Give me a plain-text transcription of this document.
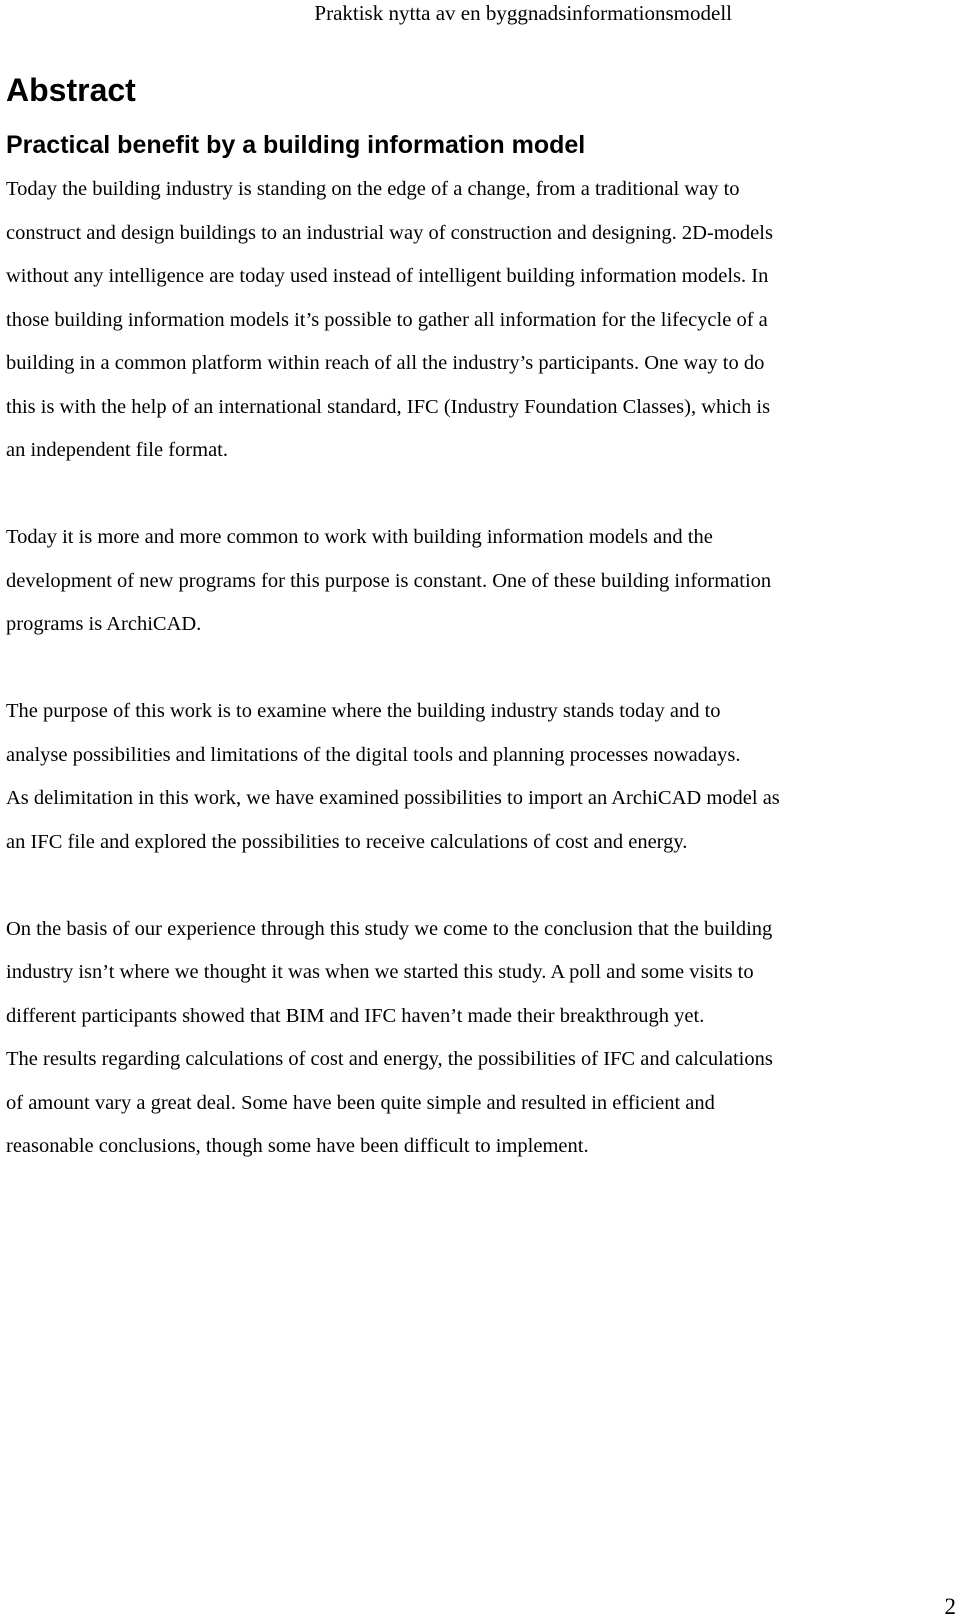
Praktisk nytta av en byggnadsinformationsmodell

Abstract
Practical benefit by a building information model

Today the building industry is standing on the edge of a change, from a traditional way to

construct and design buildings to an industrial way of construction and designing. 2D-models

without any intelligence are today used instead of intelligent building information models. In

those building information models it’s possible to gather all information for the lifecycle of a

building in a common platform within reach of all the industry’s participants. One way to do

this is with the help of an international standard, IFC (Industry Foundation Classes), which is

an independent file format.

Today it is more and more common to work with building information models and the

development of new programs for this purpose is constant. One of these building information

programs is ArchiCAD.

The purpose of this work is to examine where the building industry stands today and to

analyse possibilities and limitations of the digital tools and planning processes nowadays.

As delimitation in this work, we have examined possibilities to import an ArchiCAD model as

an IFC file and explored the possibilities to receive calculations of cost and energy.

On the basis of our experience through this study we come to the conclusion that the building

industry isn’t where we thought it was when we started this study. A poll and some visits to

different participants showed that BIM and IFC haven’t made their breakthrough yet.

The results regarding calculations of cost and energy, the possibilities of IFC and calculations

of amount vary a great deal. Some have been quite simple and resulted in efficient and

reasonable conclusions, though some have been difficult to implement.

2
